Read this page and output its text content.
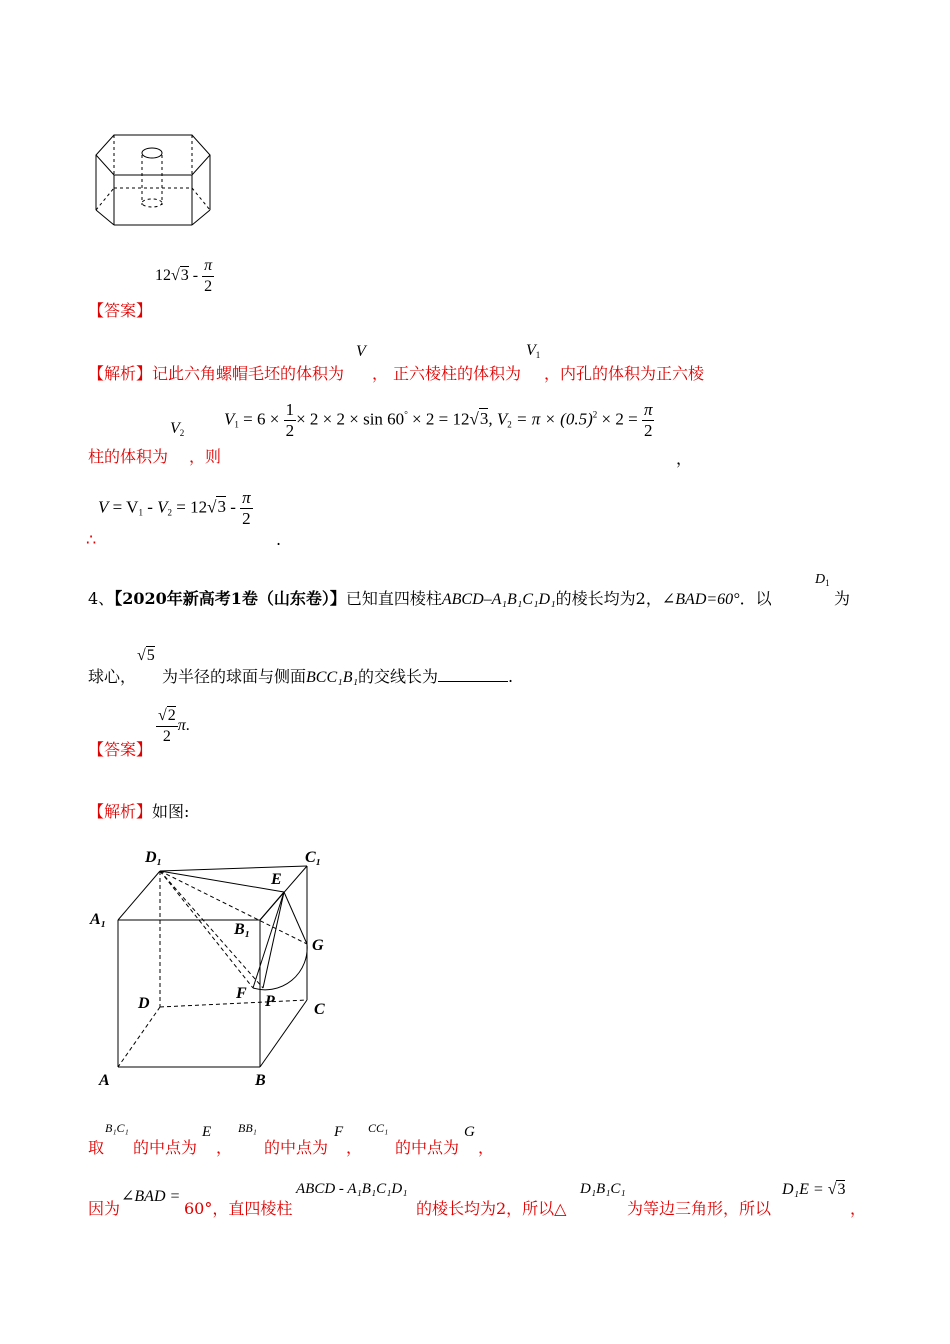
$12√3 - \frac{\pi}{2}$
【答案】
【解析】记此六角螺帽毛坯的体积为
V
， 正六棱柱的体积为
$V_1$
，内孔的体积为正六棱
$V_2$
柱的体积为 ，则
$V_1 = 6 \times \frac{1}{2} \times 2 \times 2 \times \sin 60^\circ \times 2 = 12√3$, $V_2 = \pi \times (0.5)^2 \times 2 = \frac{\pi}{2}$
，
$V = V_1 - V_2 = 12√3 - \frac{\pi}{2}$
∴	.
4、【2020年新高考1卷（山东卷）】已知直四棱柱ABCD–A₁B₁C₁D₁的棱长均为2，∠BAD=60°．以
$D_1$
为
球心，
√5
为半径的球面与侧面BCC₁B₁的交线长为	.
【答案】
$\frac{√2}{2} \pi$.
【解析】如图:
D₁	C₁
A₁
B₁
E
G
F P
D	C
A	B
取
B₁C₁
的中点为
E
，
BB₁
的中点为
F
，
CC₁
的中点为
G
，
因为
∠BAD =
60°，直四棱柱
ABCD - A₁B₁C₁D₁
的棱长均为2，所以△
D₁B₁C₁
为等边三角形，所以
D₁E = √3
，
